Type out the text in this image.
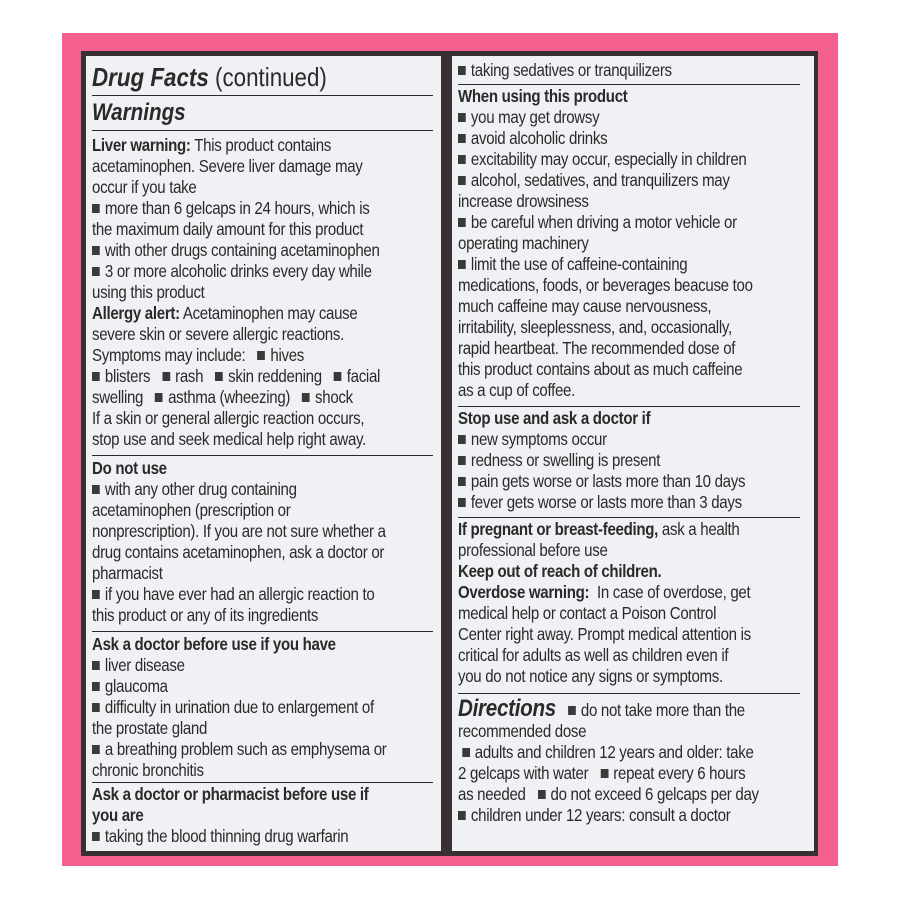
Drug Facts (continued)
Warnings
Liver warning: This product contains
acetaminophen. Severe liver damage may
occur if you take
more than 6 gelcaps in 24 hours, which is
the maximum daily amount for this product
with other drugs containing acetaminophen
3 or more alcoholic drinks every day while
using this product
Allergy alert: Acetaminophen may cause
severe skin or severe allergic reactions.
Symptoms may include: hives
blisters rash skin reddening facial
swelling asthma (wheezing) shock
If a skin or general allergic reaction occurs,
stop use and seek medical help right away.
Do not use
with any other drug containing
acetaminophen (prescription or
nonprescription). If you are not sure whether a
drug contains acetaminophen, ask a doctor or
pharmacist
if you have ever had an allergic reaction to
this product or any of its ingredients
Ask a doctor before use if you have
liver disease
glaucoma
difficulty in urination due to enlargement of
the prostate gland
a breathing problem such as emphysema or
chronic bronchitis
Ask a doctor or pharmacist before use if
you are
taking the blood thinning drug warfarin
taking sedatives or tranquilizers
When using this product
you may get drowsy
avoid alcoholic drinks
excitability may occur, especially in children
alcohol, sedatives, and tranquilizers may
increase drowsiness
be careful when driving a motor vehicle or
operating machinery
limit the use of caffeine-containing
medications, foods, or beverages beacuse too
much caffeine may cause nervousness,
irritability, sleeplessness, and, occasionally,
rapid heartbeat. The recommended dose of
this product contains about as much caffeine
as a cup of coffee.
Stop use and ask a doctor if
new symptoms occur
redness or swelling is present
pain gets worse or lasts more than 10 days
fever gets worse or lasts more than 3 days
If pregnant or breast-feeding, ask a health
professional before use
Keep out of reach of children.
Overdose warning:  In case of overdose, get
medical help or contact a Poison Control
Center right away. Prompt medical attention is
critical for adults as well as children even if
you do not notice any signs or symptoms.
Directions do not take more than the
recommended dose
adults and children 12 years and older: take
2 gelcaps with water repeat every 6 hours
as needed do not exceed 6 gelcaps per day
children under 12 years: consult a doctor
